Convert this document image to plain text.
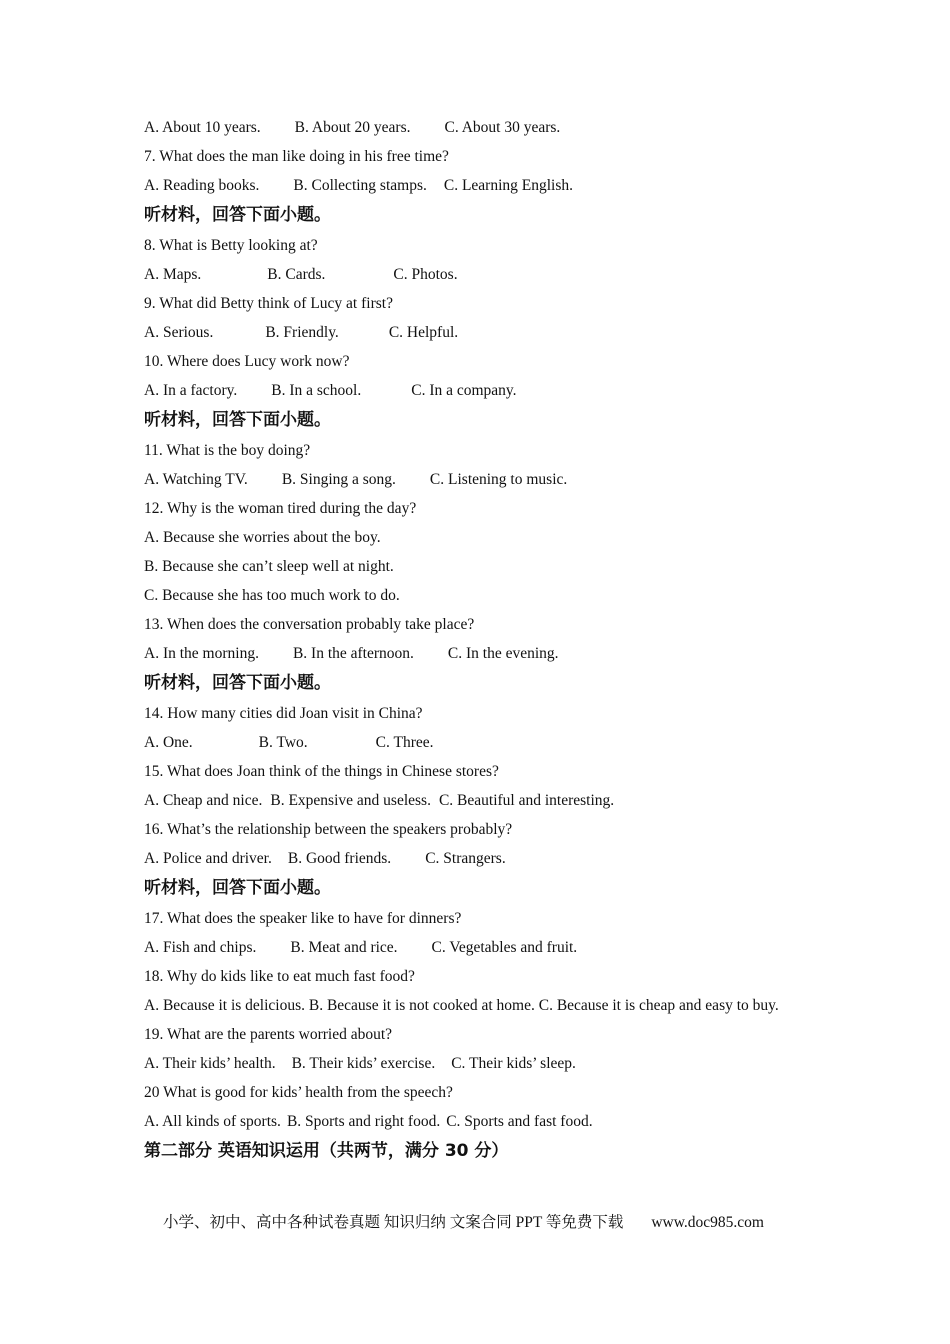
A. About 10 years. B. About 20 years. C. About 30 years.
7. What does the man like doing in his free time?
A. Reading books. B. Collecting stamps. C. Learning English.
听材料，回答下面小题。
8. What is Betty looking at?
A. Maps.	B. Cards.	C. Photos.
9. What did Betty think of Lucy at first?
A. Serious.	B. Friendly.	C. Helpful.
10. Where does Lucy work now?
A. In a factory. B. In a school.	C. In a company.
听材料，回答下面小题。
11. What is the boy doing?
A. Watching TV. B. Singing a song. C. Listening to music.
12. Why is the woman tired during the day?
A. Because she worries about the boy.
B. Because she can’t sleep well at night.
C. Because she has too much work to do.
13. When does the conversation probably take place?
A. In the morning. B. In the afternoon. C. In the evening.
听材料，回答下面小题。
14. How many cities did Joan visit in China?
A. One.	B. Two.	C. Three.
15. What does Joan think of the things in Chinese stores?
A. Cheap and nice. B. Expensive and useless. C. Beautiful and interesting.
16. What’s the relationship between the speakers probably?
A. Police and driver. B. Good friends. C. Strangers.
听材料，回答下面小题。
17. What does the speaker like to have for dinners?
A. Fish and chips. B. Meat and rice. C. Vegetables and fruit.
18. Why do kids like to eat much fast food?
A. Because it is delicious. B. Because it is not cooked at home. C. Because it is cheap and easy to buy.
19. What are the parents worried about?
A. Their kids’ health. B. Their kids’ exercise. C. Their kids’ sleep.
20 What is good for kids’ health from the speech?
A. All kinds of sports. B. Sports and right food. C. Sports and fast food.
第二部分 英语知识运用（共两节，满分 30 分）
小学、初中、高中各种试卷真题 知识归纳 文案合同 PPT 等免费下载 www.doc985.com
